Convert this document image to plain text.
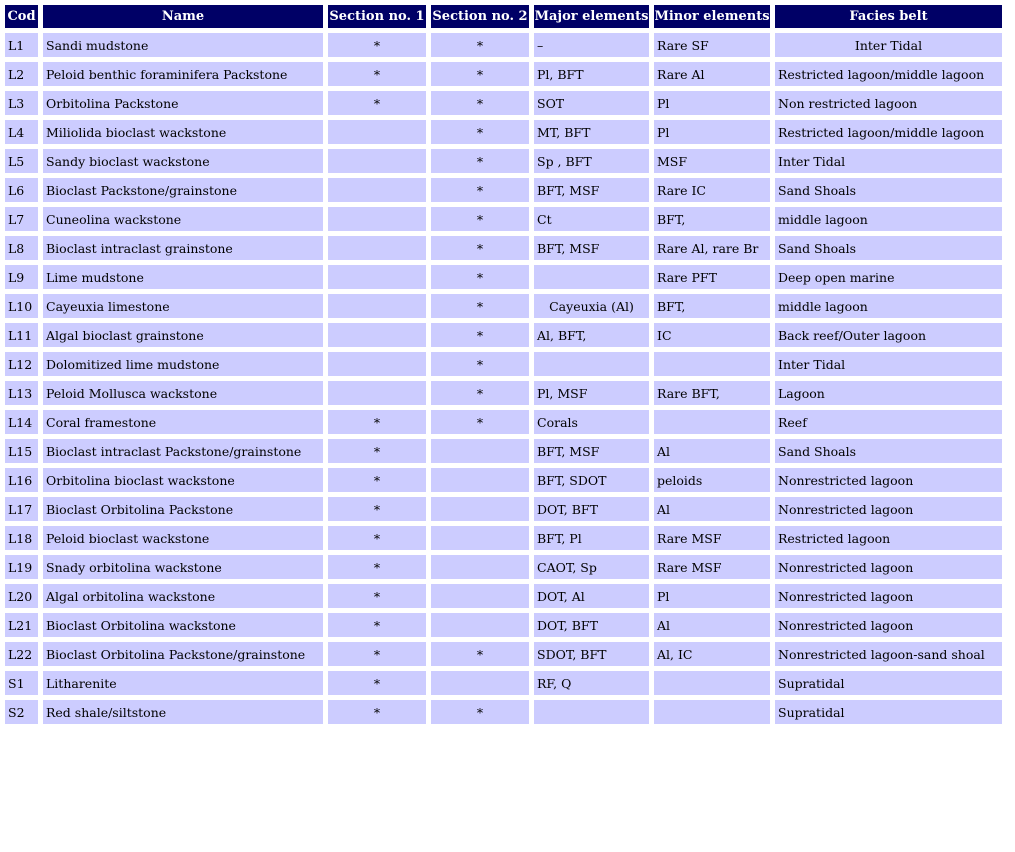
Cod	Name	Section no. 1	Section no. 2	Major elements	Minor elements	Facies belt
L1	Sandi mudstone	*	*	–	Rare SF	Inter Tidal
L2	Peloid benthic foraminifera Packstone	*	*	Pl, BFT	Rare Al	Restricted lagoon/middle lagoon
L3	Orbitolina Packstone	*	*	SOT	Pl	Non restricted lagoon
L4	Miliolida bioclast wackstone		*	MT, BFT	Pl	Restricted lagoon/middle lagoon
L5	Sandy bioclast wackstone		*	Sp , BFT	MSF	Inter Tidal
L6	Bioclast Packstone/grainstone		*	BFT, MSF	Rare IC	Sand Shoals
L7	Cuneolina wackstone		*	Ct	BFT,	middle lagoon
L8	Bioclast intraclast grainstone		*	BFT, MSF	Rare Al, rare Br	Sand Shoals
L9	Lime mudstone		*		Rare PFT	Deep open marine
L10	Cayeuxia limestone		*	Cayeuxia (Al)	BFT,	middle lagoon
L11	Algal bioclast grainstone		*	Al, BFT,	IC	Back reef/Outer lagoon
L12	Dolomitized lime mudstone		*			Inter Tidal
L13	Peloid Mollusca wackstone		*	Pl, MSF	Rare BFT,	Lagoon
L14	Coral framestone	*	*	Corals		Reef
L15	Bioclast intraclast Packstone/grainstone	*		BFT, MSF	Al	Sand Shoals
L16	Orbitolina bioclast wackstone	*		BFT, SDOT	peloids	Nonrestricted lagoon
L17	Bioclast Orbitolina Packstone	*		DOT, BFT	Al	Nonrestricted lagoon
L18	Peloid bioclast wackstone	*		BFT, Pl	Rare MSF	Restricted lagoon
L19	Snady orbitolina wackstone	*		CAOT, Sp	Rare MSF	Nonrestricted lagoon
L20	Algal orbitolina wackstone	*		DOT, Al	Pl	Nonrestricted lagoon
L21	Bioclast Orbitolina wackstone	*		DOT, BFT	Al	Nonrestricted lagoon
L22	Bioclast Orbitolina Packstone/grainstone	*	*	SDOT, BFT	Al, IC	Nonrestricted lagoon-sand shoal
S1	Litharenite	*		RF, Q		Supratidal
S2	Red shale/siltstone	*	*			Supratidal
